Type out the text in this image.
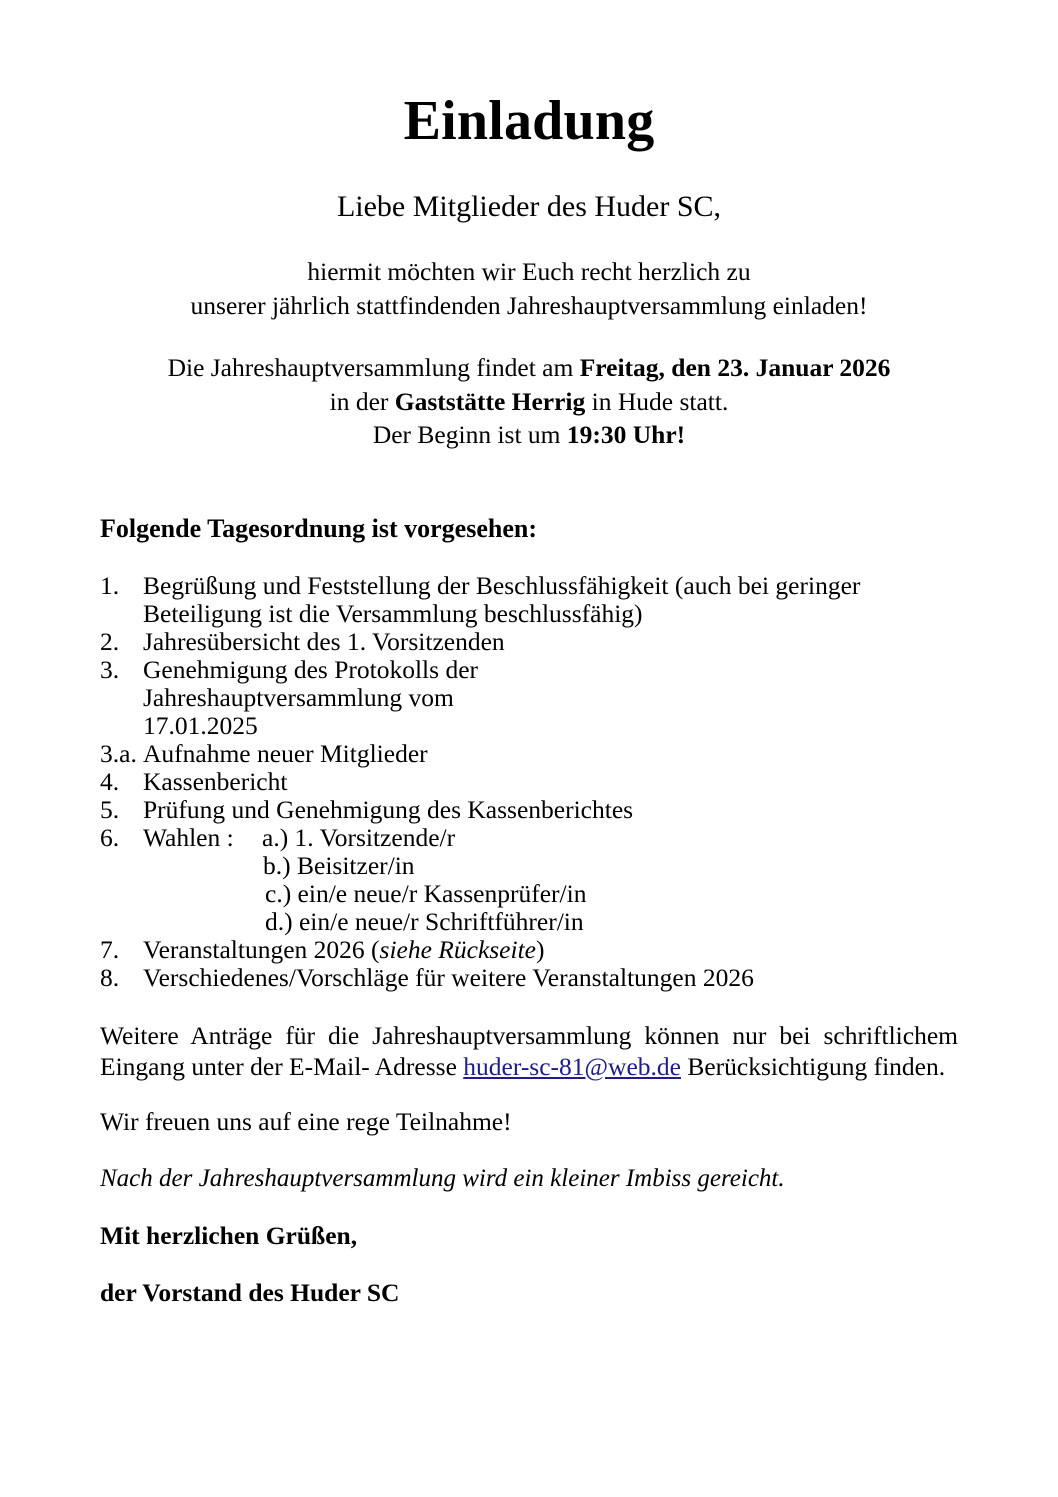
Einladung

Liebe Mitglieder des Huder SC,

hiermit möchten wir Euch recht herzlich zu
unserer jährlich stattfindenden Jahreshauptversammlung einladen!

Die Jahreshauptversammlung findet am Freitag, den 23. Januar 2026
in der Gaststätte Herrig in Hude statt.
Der Beginn ist um 19:30 Uhr!

Folgende Tagesordnung ist vorgesehen:
1. Begrüßung und Feststellung der Beschlussfähigkeit (auch bei geringer Beteiligung ist die Versammlung beschlussfähig)
2. Jahresübersicht des 1. Vorsitzenden
3. Genehmigung des Protokolls der Jahreshauptversammlung vom 17.01.2025
3.a. Aufnahme neuer Mitglieder
4. Kassenbericht
5. Prüfung und Genehmigung des Kassenberichtes
6. Wahlen :	a.) 1. Vorsitzende/r
b.) Beisitzer/in
c.) ein/e neue/r Kassenprüfer/in
d.) ein/e neue/r Schriftführer/in
7. Veranstaltungen 2026 (siehe Rückseite)
8. Verschiedenes/Vorschläge für weitere Veranstaltungen 2026

Weitere Anträge für die Jahreshauptversammlung können nur bei schriftlichem Eingang unter der E-Mail- Adresse huder-sc-81@web.de Berücksichtigung finden.

Wir freuen uns auf eine rege Teilnahme!

Nach der Jahreshauptversammlung wird ein kleiner Imbiss gereicht.

Mit herzlichen Grüßen,

der Vorstand des Huder SC
